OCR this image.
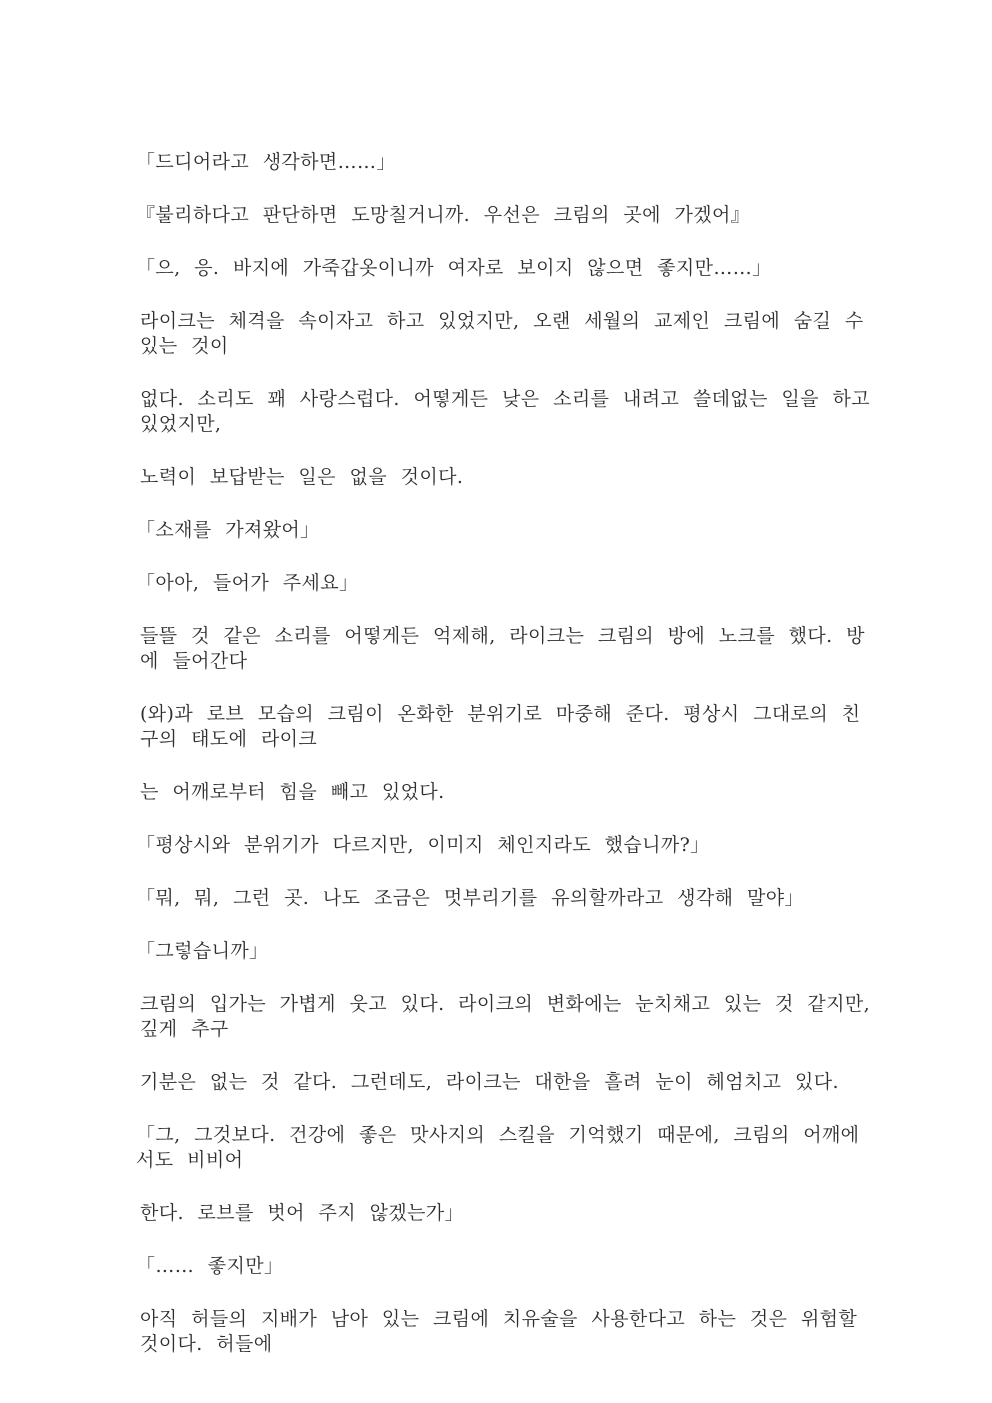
「드디어라고 생각하면……」

『불리하다고 판단하면 도망칠거니까. 우선은 크림의 곳에 가겠어』

「으, 응. 바지에 가죽갑옷이니까 여자로 보이지 않으면 좋지만……」

라이크는 체격을 속이자고 하고 있었지만, 오랜 세월의 교제인 크림에 숨길 수 있는 것이

없다. 소리도 꽤 사랑스럽다. 어떻게든 낮은 소리를 내려고 쓸데없는 일을 하고 있었지만,

노력이 보답받는 일은 없을 것이다.

「소재를 가져왔어」

「아아, 들어가 주세요」

들뜰 것 같은 소리를 어떻게든 억제해, 라이크는 크림의 방에 노크를 했다. 방에 들어간다

(와)과 로브 모습의 크림이 온화한 분위기로 마중해 준다. 평상시 그대로의 친구의 태도에 라이크

는 어깨로부터 힘을 빼고 있었다.

「평상시와 분위기가 다르지만, 이미지 체인지라도 했습니까?」

「뭐, 뭐, 그런 곳. 나도 조금은 멋부리기를 유의할까라고 생각해 말야」

「그렇습니까」

크림의 입가는 가볍게 웃고 있다. 라이크의 변화에는 눈치채고 있는 것 같지만, 깊게 추구

기분은 없는 것 같다. 그런데도, 라이크는 대한을 흘려 눈이 헤엄치고 있다.

「그, 그것보다. 건강에 좋은 맛사지의 스킬을 기억했기 때문에, 크림의 어깨에서도 비비어

한다. 로브를 벗어 주지 않겠는가」

「…… 좋지만」

아직 허들의 지배가 남아 있는 크림에 치유술을 사용한다고 하는 것은 위험할 것이다. 허들에
